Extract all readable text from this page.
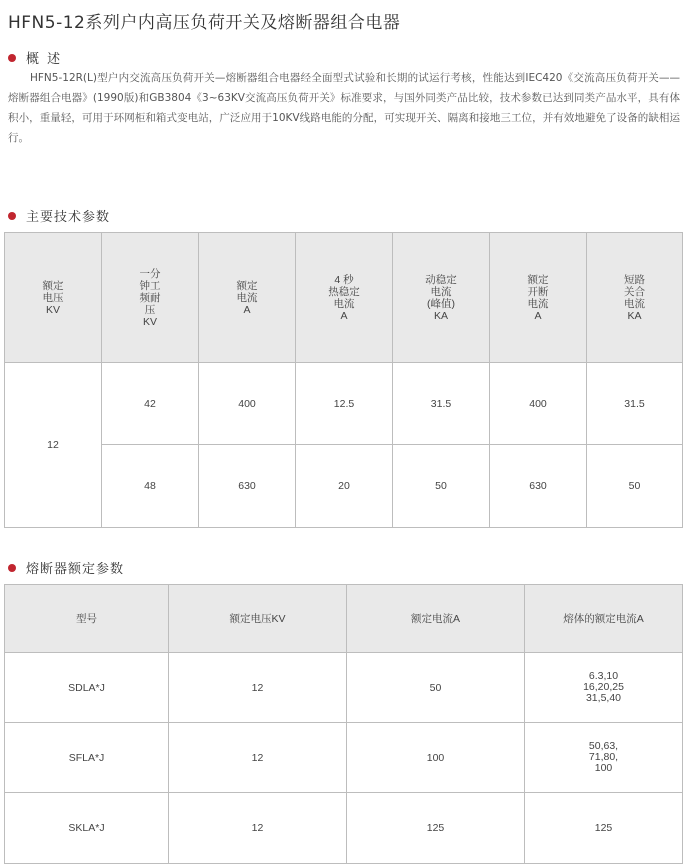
HFN5-12系列户内高压负荷开关及熔断器组合电器
概 述
HFN5-12R(L)型户内交流高压负荷开关—熔断器组合电器经全面型式试验和长期的试运行考核，性能达到IEC420《交流高压负荷开关——熔断器组合电器》(1990版)和GB3804《3~63KV交流高压负荷开关》标准要求，与国外同类产品比较，技术参数已达到同类产品水平，具有体积小，重量轻，可用于环网柜和箱式变电站，广泛应用于10KV线路电能的分配，可实现开关、隔离和接地三工位，并有效地避免了设备的缺相运行。
主要技术参数
额定
电压
KV	一分
钟工
频耐
压
KV	额定
电流
A	4 秒
热稳定
电流
A	动稳定
电流
(峰值)
KA	额定
开断
电流
A	短路
关合
电流
KA

12	42	400	12.5	31.5	400	31.5
	48	630	20	50	630	50
熔断器额定参数
型号	额定电压KV	额定电流A	熔体的额定电流A
SDLA*J	12	50	6.3,10
16,20,25
31,5,40

SFLA*J	12	100	50,63,
71,80,
100

SKLA*J	12	125	125
